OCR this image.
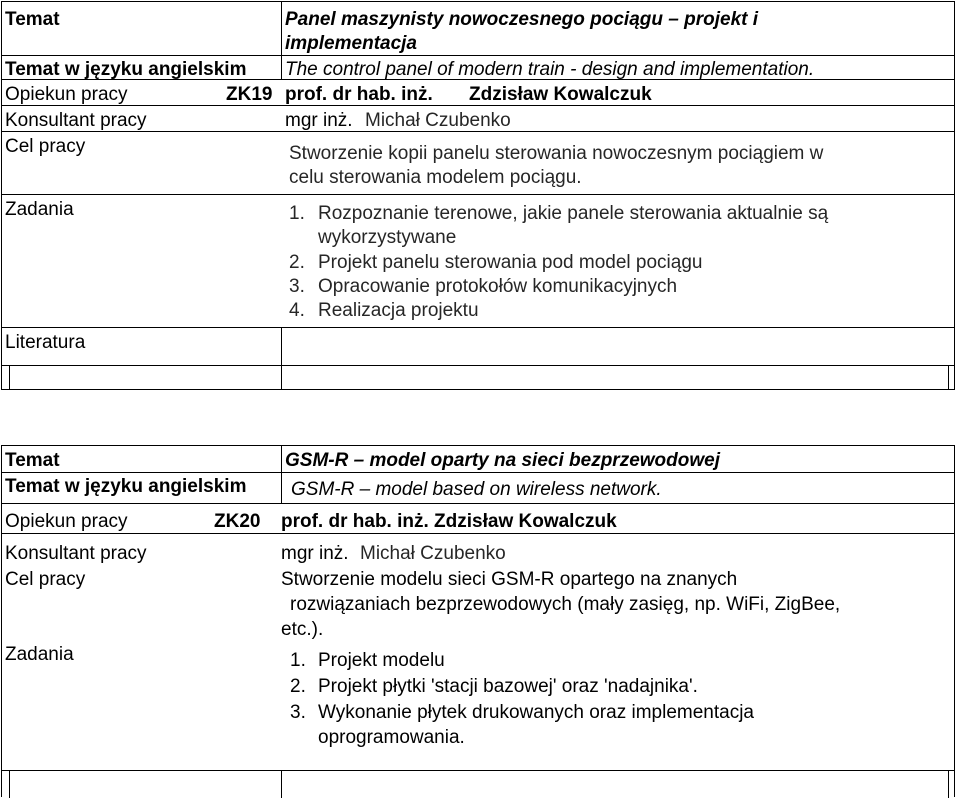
Temat
Temat w języku angielskim
Opiekun pracy	ZK19
Konsultant pracy
Cel pracy
Zadania
Literatura
Panel maszynisty nowoczesnego pociągu – projekt i
implementacja
The control panel of modern train - design and implementation.
prof. dr hab. inż. Zdzisław Kowalczuk
mgr inż. Michał Czubenko
Stworzenie kopii panelu sterowania nowoczesnym pociągiem w
celu sterowania modelem pociągu.
1. Rozpoznanie terenowe, jakie panele sterowania aktualnie są
wykorzystywane
2. Projekt panelu sterowania pod model pociągu
3. Opracowanie protokołów komunikacyjnych
4. Realizacja projektu
Temat
Temat w języku angielskim
Opiekun pracy	ZK20
Konsultant pracy
Cel pracy
Zadania
GSM-R – model oparty na sieci bezprzewodowej
GSM-R – model based on wireless network.
prof. dr hab. inż. Zdzisław Kowalczuk
mgr inż. Michał Czubenko
Stworzenie modelu sieci GSM-R opartego na znanych
rozwiązaniach bezprzewodowych (mały zasięg, np. WiFi, ZigBee,
etc.).
1. Projekt modelu
2. Projekt płytki 'stacji bazowej' oraz 'nadajnika'.
3. Wykonanie płytek drukowanych oraz implementacja
oprogramowania.
